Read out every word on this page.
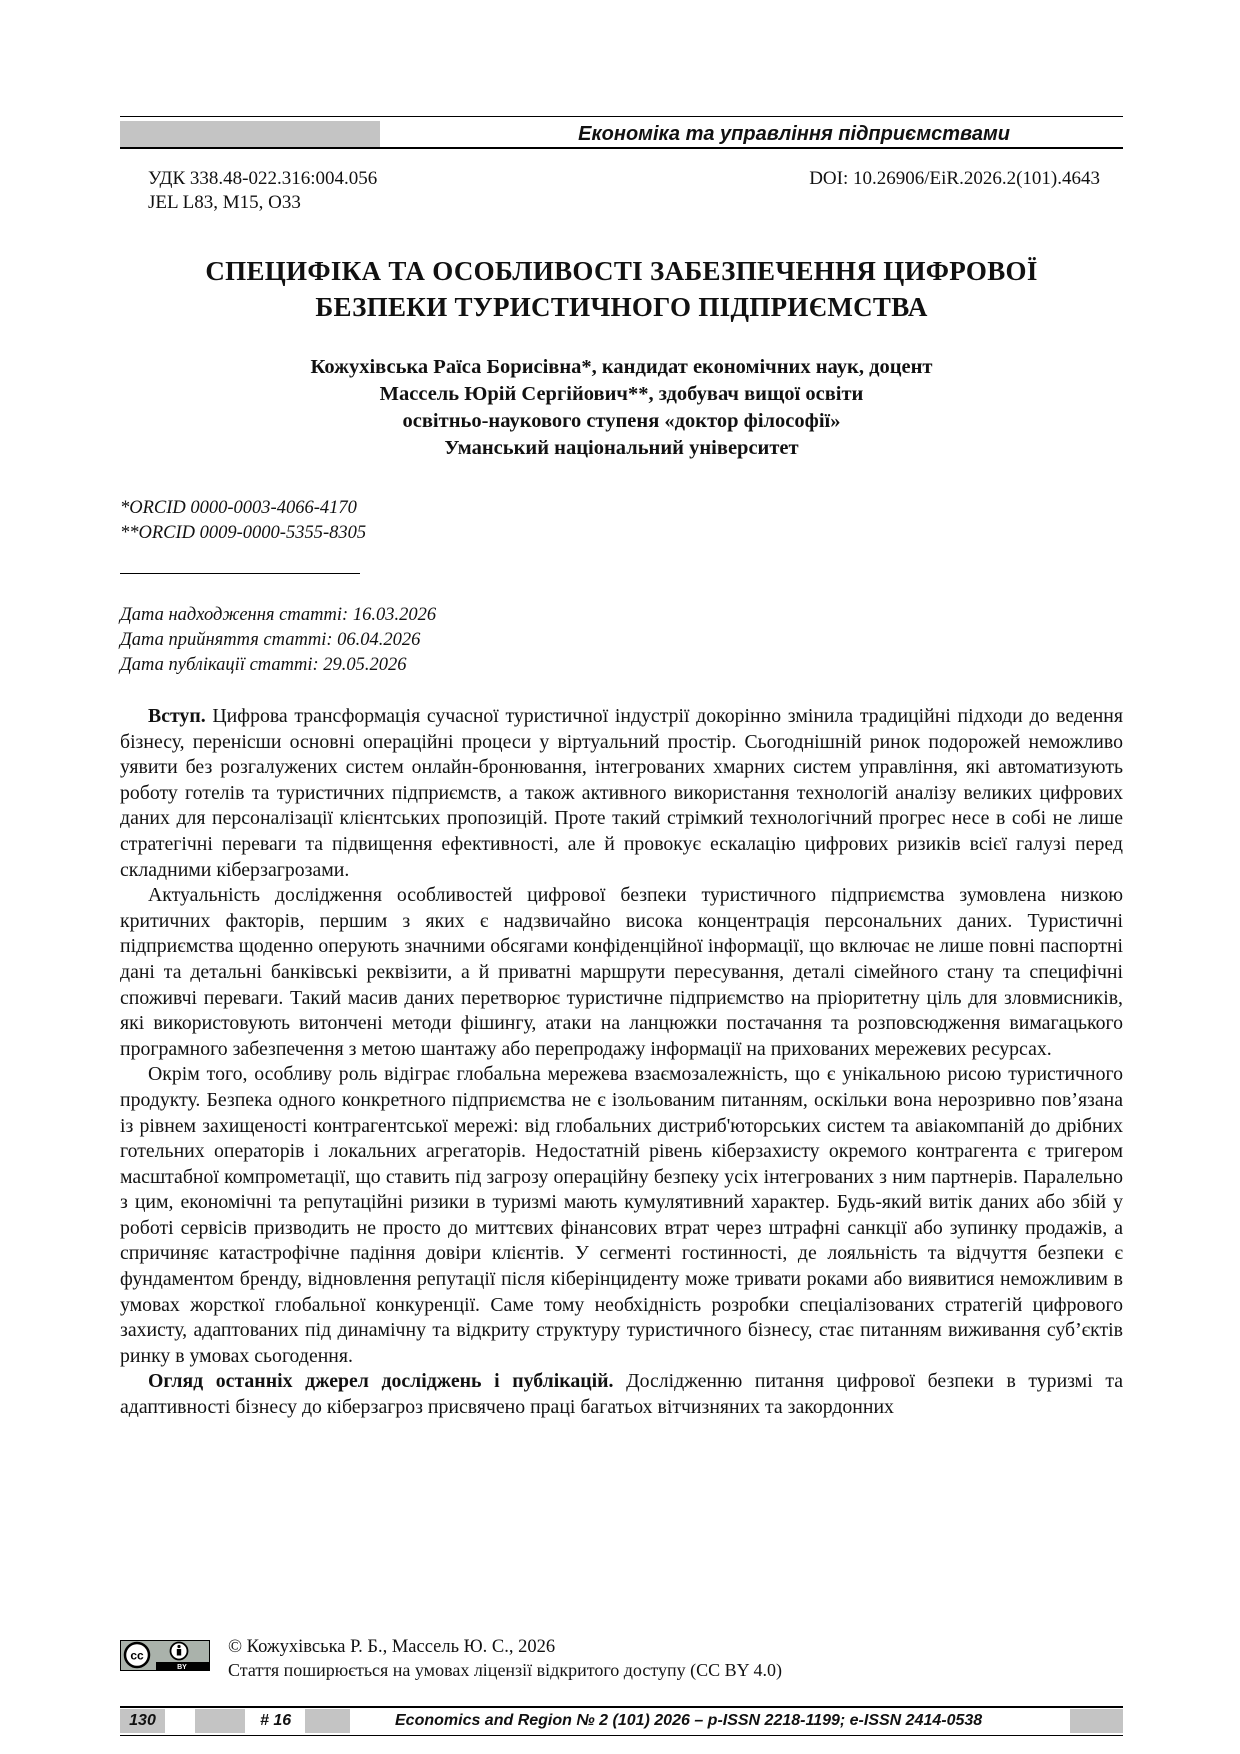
Економіка та управління підприємствами
УДК 338.48-022.316:004.056
JEL L83, M15, O33
DOI: 10.26906/EiR.2026.2(101).4643
СПЕЦИФІКА ТА ОСОБЛИВОСТІ ЗАБЕЗПЕЧЕННЯ ЦИФРОВОЇ
БЕЗПЕКИ ТУРИСТИЧНОГО ПІДПРИЄМСТВА
Кожухівська Раїса Борисівна*, кандидат економічних наук, доцент
Массель Юрій Сергійович**, здобувач вищої освіти
освітньо-наукового ступеня «доктор філософії»
Уманський національний університет
*ORCID 0000-0003-4066-4170
**ORCID 0009-0000-5355-8305
Дата надходження статті: 16.03.2026
Дата прийняття статті: 06.04.2026
Дата публікації статті: 29.05.2026

Вступ. Цифрова трансформація сучасної туристичної індустрії докорінно змінила традиційні підходи до ведення бізнесу, перенісши основні операційні процеси у віртуальний простір. Сьогоднішній ринок подорожей неможливо уявити без розгалужених систем онлайн-бронювання, інтегрованих хмарних систем управління, які автоматизують роботу готелів та туристичних підприємств, а також активного використання технологій аналізу великих цифрових даних для персоналізації клієнтських пропозицій. Проте такий стрімкий технологічний прогрес несе в собі не лише стратегічні переваги та підвищення ефективності, але й провокує ескалацію цифрових ризиків всієї галузі перед складними кіберзагрозами.

Актуальність дослідження особливостей цифрової безпеки туристичного підприємства зумовлена низкою критичних факторів, першим з яких є надзвичайно висока концентрація персональних даних. Туристичні підприємства щоденно оперують значними обсягами конфіденційної інформації, що включає не лише повні паспортні дані та детальні банківські реквізити, а й приватні маршрути пересування, деталі сімейного стану та специфічні споживчі переваги. Такий масив даних перетворює туристичне підприємство на пріоритетну ціль для зловмисників, які використовують витончені методи фішингу, атаки на ланцюжки постачання та розповсюдження вимагацького програмного забезпечення з метою шантажу або перепродажу інформації на прихованих мережевих ресурсах.

Окрім того, особливу роль відіграє глобальна мережева взаємозалежність, що є унікальною рисою туристичного продукту. Безпека одного конкретного підприємства не є ізольованим питанням, оскільки вона нерозривно пов’язана із рівнем захищеності контрагентської мережі: від глобальних дистриб'юторських систем та авіакомпаній до дрібних готельних операторів і локальних агрегаторів. Недостатній рівень кіберзахисту окремого контрагента є тригером масштабної компрометації, що ставить під загрозу операційну безпеку усіх інтегрованих з ним партнерів. Паралельно з цим, економічні та репутаційні ризики в туризмі мають кумулятивний характер. Будь-який витік даних або збій у роботі сервісів призводить не просто до миттєвих фінансових втрат через штрафні санкції або зупинку продажів, а спричиняє катастрофічне падіння довіри клієнтів. У сегменті гостинності, де лояльність та відчуття безпеки є фундаментом бренду, відновлення репутації після кіберінциденту може тривати роками або виявитися неможливим в умовах жорсткої глобальної конкуренції. Саме тому необхідність розробки спеціалізованих стратегій цифрового захисту, адаптованих під динамічну та відкриту структуру туристичного бізнесу, стає питанням виживання суб’єктів ринку в умовах сьогодення.

Огляд останніх джерел досліджень і публікацій. Дослідженню питання цифрової безпеки в туризмі та адаптивності бізнесу до кіберзагроз присвячено праці багатьох вітчизняних та закордонних

cc
BY
© Кожухівська Р. Б., Массель Ю. С., 2026
Стаття поширюється на умовах ліцензії відкритого доступу (CC BY 4.0)
130	# 16	Economics and Region № 2 (101) 2026 – p-ISSN 2218-1199; e-ISSN 2414-0538
